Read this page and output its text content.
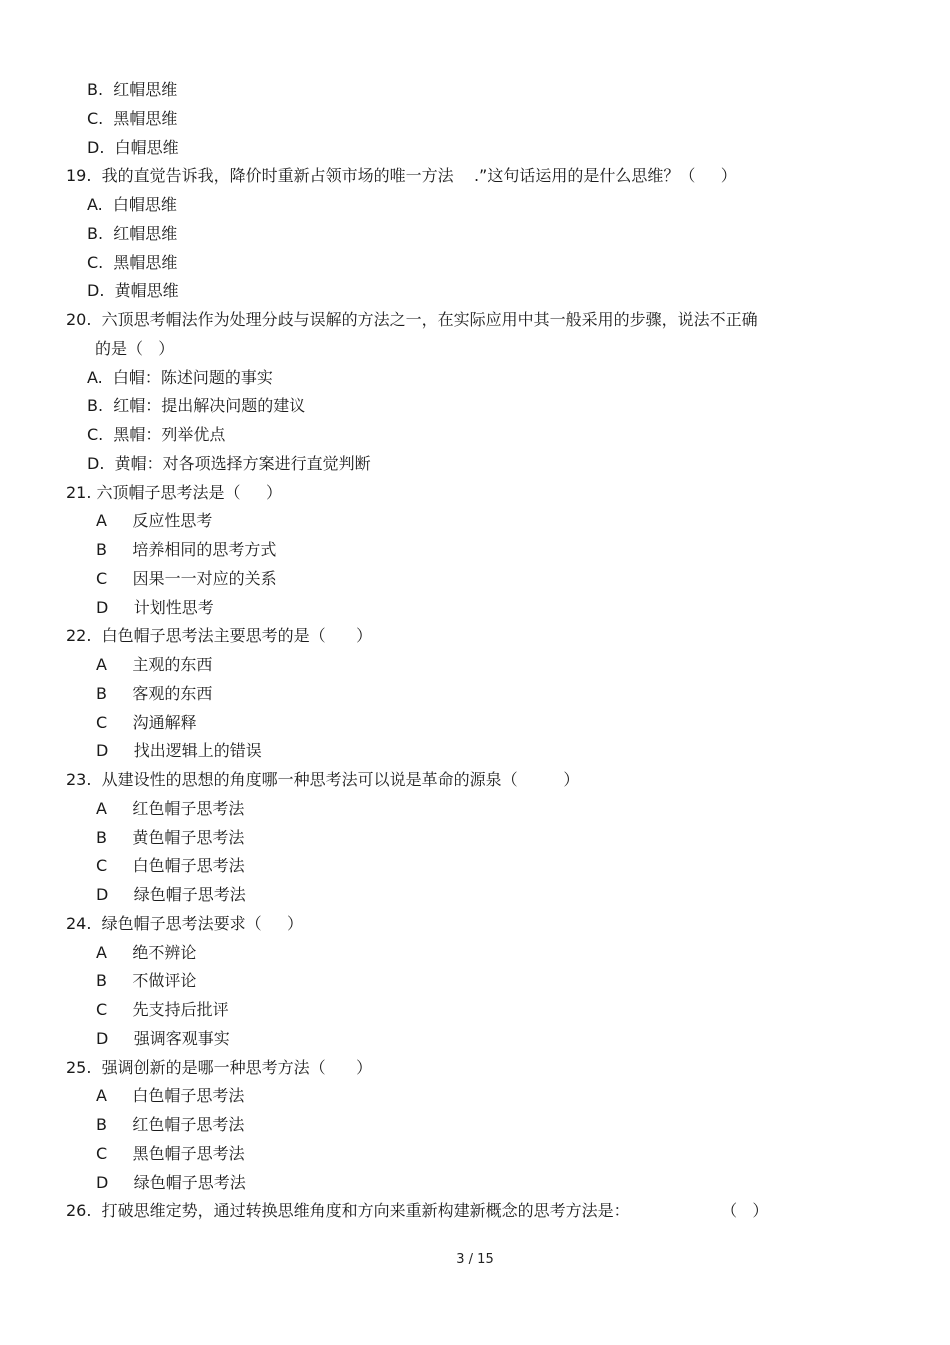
B.  红帽思维
C.  黑帽思维
D.  白帽思维
19.  我的直觉告诉我，降价时重新占领市场的唯一方法    .”这句话运用的是什么思维？（     ）
A.  白帽思维
B.  红帽思维
C.  黑帽思维
D.  黄帽思维
20.  六顶思考帽法作为处理分歧与误解的方法之一，在实际应用中其一般采用的步骤，说法不正确
的是（   ）
A.  白帽：陈述问题的事实
B.  红帽：提出解决问题的建议
C.  黑帽：列举优点
D.  黄帽：对各项选择方案进行直觉判断
21. 六顶帽子思考法是（     ）
A     反应性思考
B     培养相同的思考方式
C     因果一一对应的关系
D     计划性思考
22.  白色帽子思考法主要思考的是（      ）
A     主观的东西
B     客观的东西
C     沟通解释
D     找出逻辑上的错误
23.  从建设性的思想的角度哪一种思考法可以说是革命的源泉（         ）
A     红色帽子思考法
B     黄色帽子思考法
C     白色帽子思考法
D     绿色帽子思考法
24.  绿色帽子思考法要求（     ）
A     绝不辨论
B     不做评论
C     先支持后批评
D     强调客观事实
25.  强调创新的是哪一种思考方法（      ）
A     白色帽子思考法
B     红色帽子思考法
C     黑色帽子思考法
D     绿色帽子思考法
26.  打破思维定势，通过转换思维角度和方向来重新构建新概念的思考方法是：                  （   ）
3 / 15
